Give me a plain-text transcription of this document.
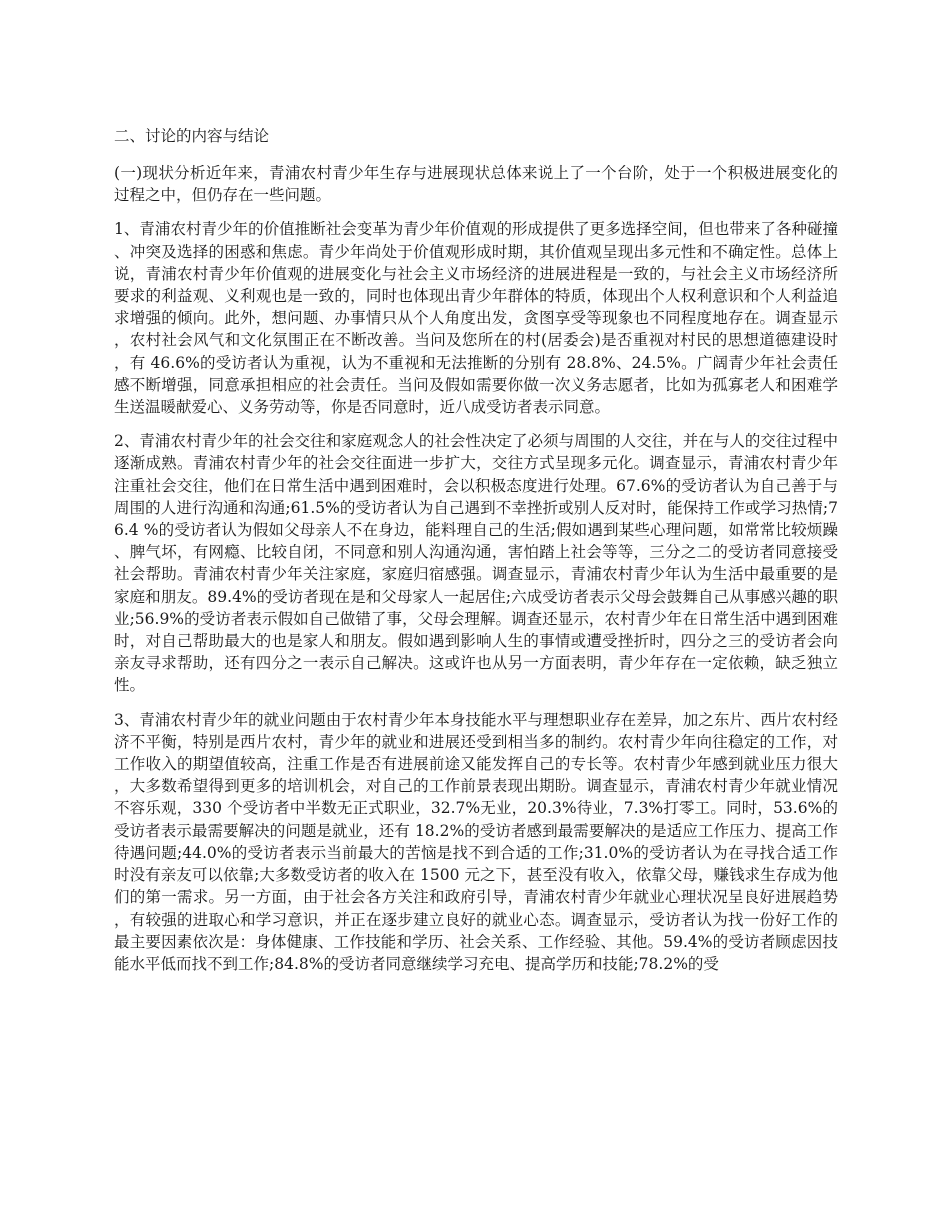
二、讨论的内容与结论

(一)现状分析近年来，青浦农村青少年生存与进展现状总体来说上了一个台阶，处于一个积极进展变化的过程之中，但仍存在一些问题。

1、青浦农村青少年的价值推断社会变革为青少年价值观的形成提供了更多选择空间，但也带来了各种碰撞、冲突及选择的困惑和焦虑。青少年尚处于价值观形成时期，其价值观呈现出多元性和不确定性。总体上说，青浦农村青少年价值观的进展变化与社会主义市场经济的进展进程是一致的，与社会主义市场经济所要求的利益观、义利观也是一致的，同时也体现出青少年群体的特质，体现出个人权利意识和个人利益追求增强的倾向。此外，想问题、办事情只从个人角度出发，贪图享受等现象也不同程度地存在。调查显示，农村社会风气和文化氛围正在不断改善。当问及您所在的村(居委会)是否重视对村民的思想道德建设时，有 46.6%的受访者认为重视，认为不重视和无法推断的分别有 28.8%、24.5%。广阔青少年社会责任感不断增强，同意承担相应的社会责任。当问及假如需要你做一次义务志愿者，比如为孤寡老人和困难学生送温暖献爱心、义务劳动等，你是否同意时，近八成受访者表示同意。

2、青浦农村青少年的社会交往和家庭观念人的社会性决定了必须与周围的人交往，并在与人的交往过程中逐渐成熟。青浦农村青少年的社会交往面进一步扩大，交往方式呈现多元化。调查显示，青浦农村青少年注重社会交往，他们在日常生活中遇到困难时，会以积极态度进行处理。67.6%的受访者认为自己善于与周围的人进行沟通和沟通;61.5%的受访者认为自己遇到不幸挫折或别人反对时，能保持工作或学习热情;76.4 %的受访者认为假如父母亲人不在身边，能料理自己的生活;假如遇到某些心理问题，如常常比较烦躁、脾气坏，有网瘾、比较自闭，不同意和别人沟通沟通，害怕踏上社会等等，三分之二的受访者同意接受社会帮助。青浦农村青少年关注家庭，家庭归宿感强。调查显示，青浦农村青少年认为生活中最重要的是家庭和朋友。89.4%的受访者现在是和父母家人一起居住;六成受访者表示父母会鼓舞自己从事感兴趣的职业;56.9%的受访者表示假如自己做错了事，父母会理解。调查还显示，农村青少年在日常生活中遇到困难时，对自己帮助最大的也是家人和朋友。假如遇到影响人生的事情或遭受挫折时，四分之三的受访者会向亲友寻求帮助，还有四分之一表示自己解决。这或许也从另一方面表明，青少年存在一定依赖，缺乏独立性。

3、青浦农村青少年的就业问题由于农村青少年本身技能水平与理想职业存在差异，加之东片、西片农村经济不平衡，特别是西片农村，青少年的就业和进展还受到相当多的制约。农村青少年向往稳定的工作，对工作收入的期望值较高，注重工作是否有进展前途又能发挥自己的专长等。农村青少年感到就业压力很大，大多数希望得到更多的培训机会，对自己的工作前景表现出期盼。调查显示，青浦农村青少年就业情况不容乐观，330 个受访者中半数无正式职业，32.7%无业，20.3%待业，7.3%打零工。同时，53.6%的受访者表示最需要解决的问题是就业，还有 18.2%的受访者感到最需要解决的是适应工作压力、提高工作待遇问题;44.0%的受访者表示当前最大的苦恼是找不到合适的工作;31.0%的受访者认为在寻找合适工作时没有亲友可以依靠;大多数受访者的收入在 1500 元之下，甚至没有收入，依靠父母，赚钱求生存成为他们的第一需求。另一方面，由于社会各方关注和政府引导，青浦农村青少年就业心理状况呈良好进展趋势，有较强的进取心和学习意识，并正在逐步建立良好的就业心态。调查显示，受访者认为找一份好工作的最主要因素依次是：身体健康、工作技能和学历、社会关系、工作经验、其他。59.4%的受访者顾虑因技能水平低而找不到工作;84.8%的受访者同意继续学习充电、提高学历和技能;78.2%的受
